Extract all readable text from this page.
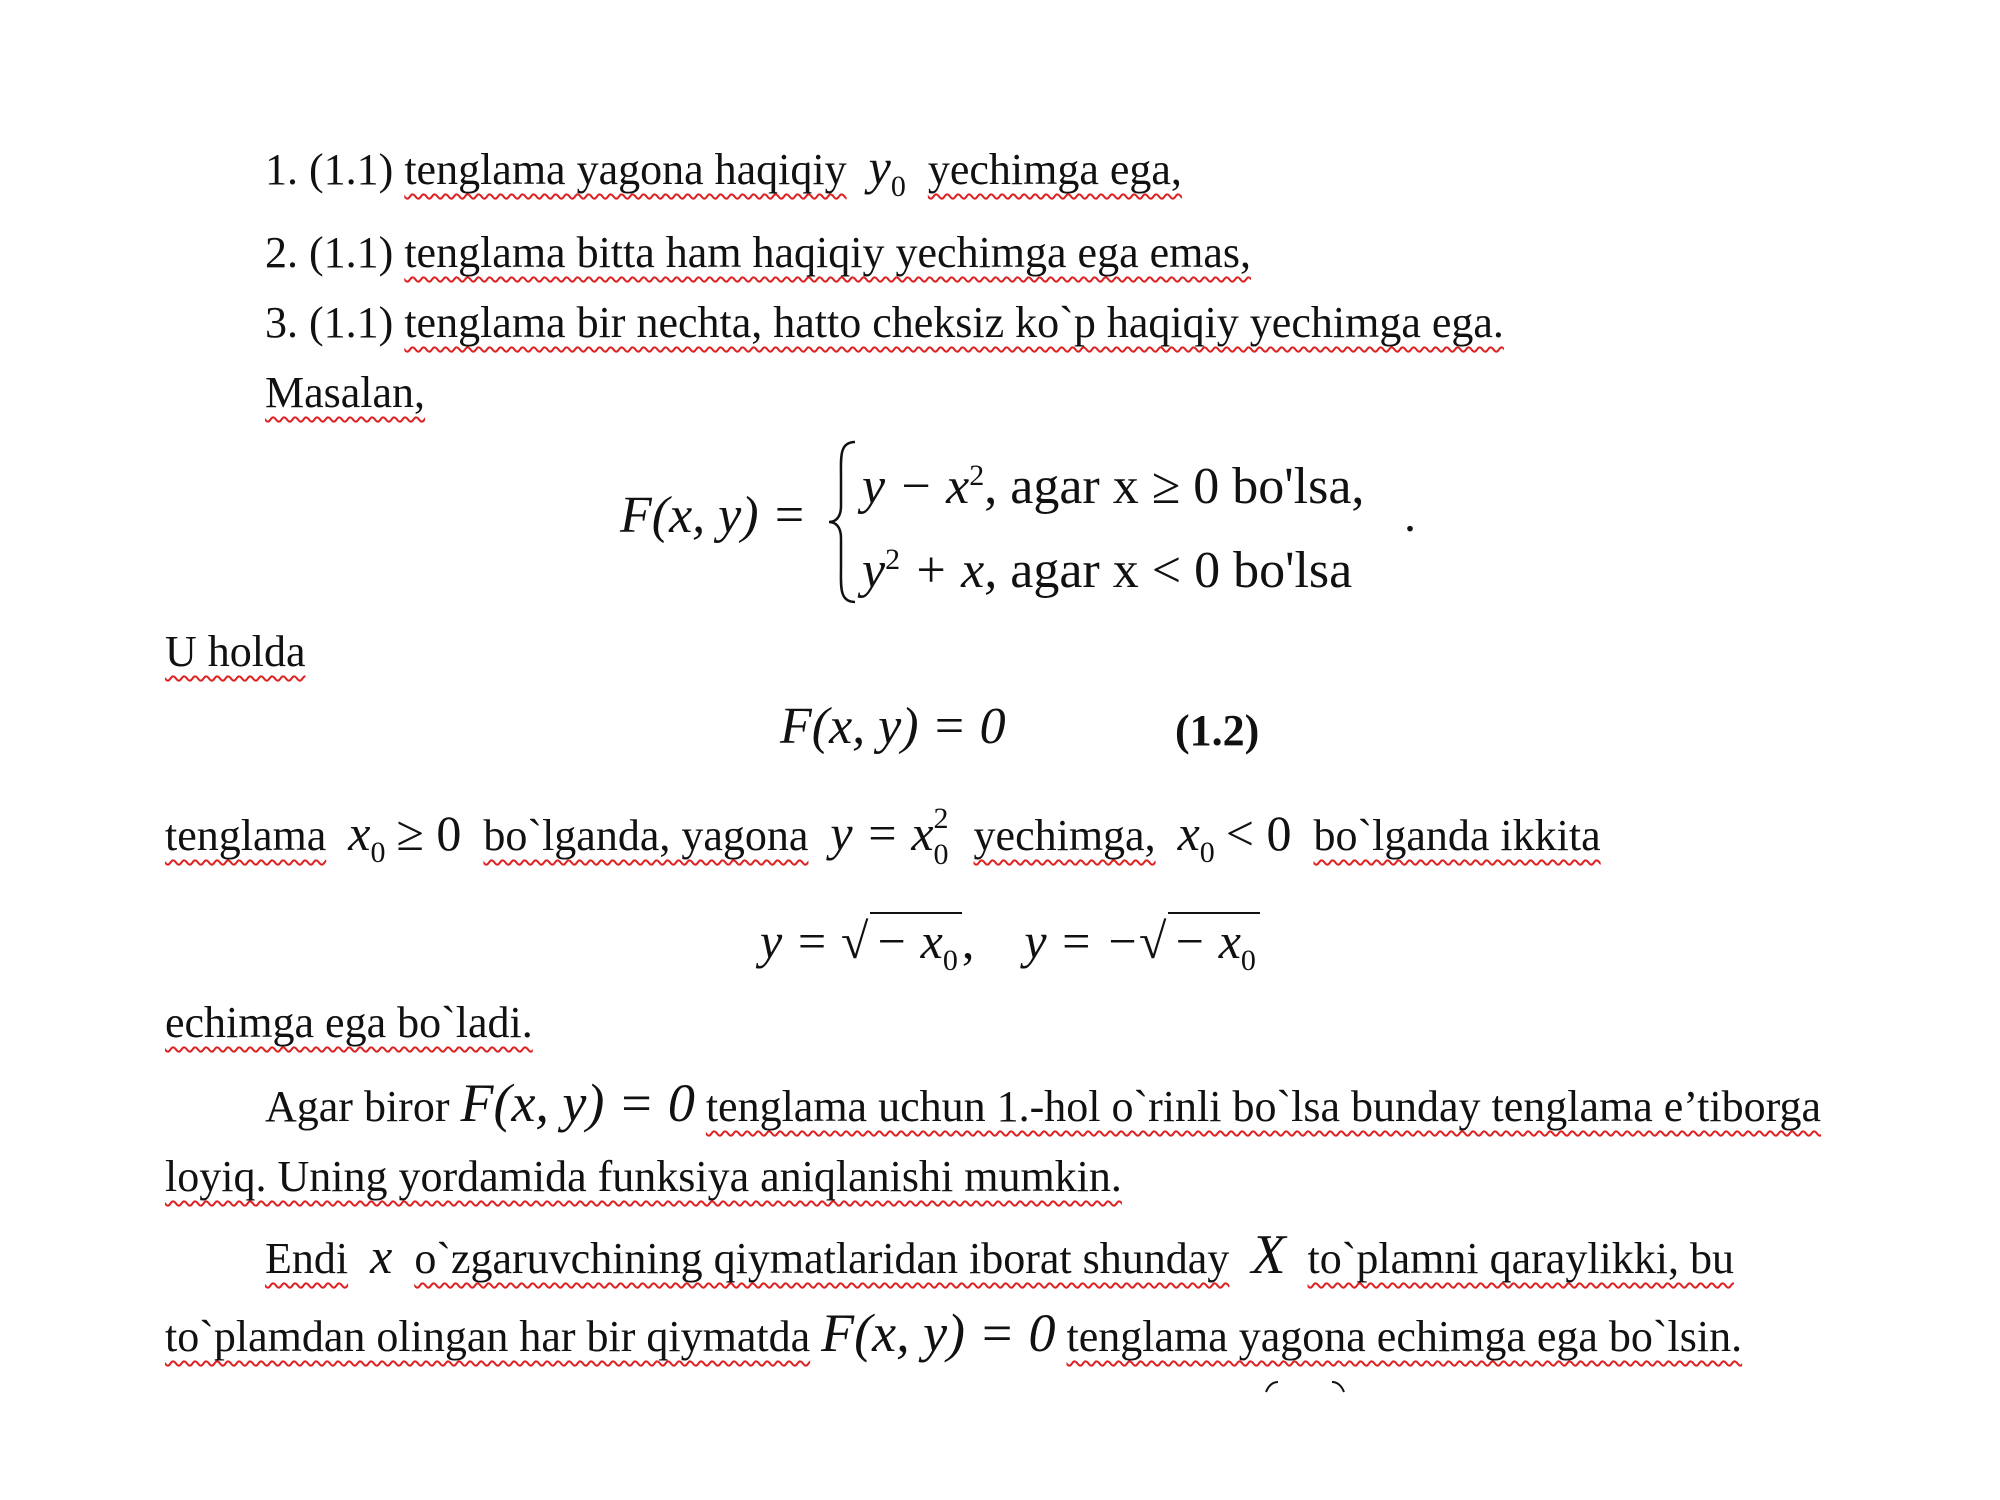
1. (1.1) tenglama yagona haqiqiy $y_0$ yechimga ega,
2. (1.1) tenglama bitta ham haqiqiy yechimga ega emas,
3. (1.1) tenglama bir nechta, hatto cheksiz ko`p haqiqiy yechimga ega.
Masalan,
F(x, y) =
$y - x^2$, agar x ≥ 0 bo'lsa,
$y^2 + x$, agar x < 0 bo'lsa
.
U holda
F(x, y) = 0	(1.2)
tenglama $x_0 \ge 0$ bo`lganda, yagona y = x 2
0 yechimga, $x_0 < 0$ bo`lganda ikkita
y = √ − $x_0$, y = −√ − $x_0$
echimga ega bo`ladi.
Agar biror F(x, y) = 0 tenglama uchun 1.-hol o`rinli bo`lsa bunday tenglama e’tiborga
loyiq. Uning yordamida funksiya aniqlanishi mumkin.
Endi x o`zgaruvchining qiymatlaridan iborat shunday X to`plamni qaraylikki, bu
to`plamdan olingan har bir qiymatda F(x, y) = 0 tenglama yagona echimga ega bo`lsin.
